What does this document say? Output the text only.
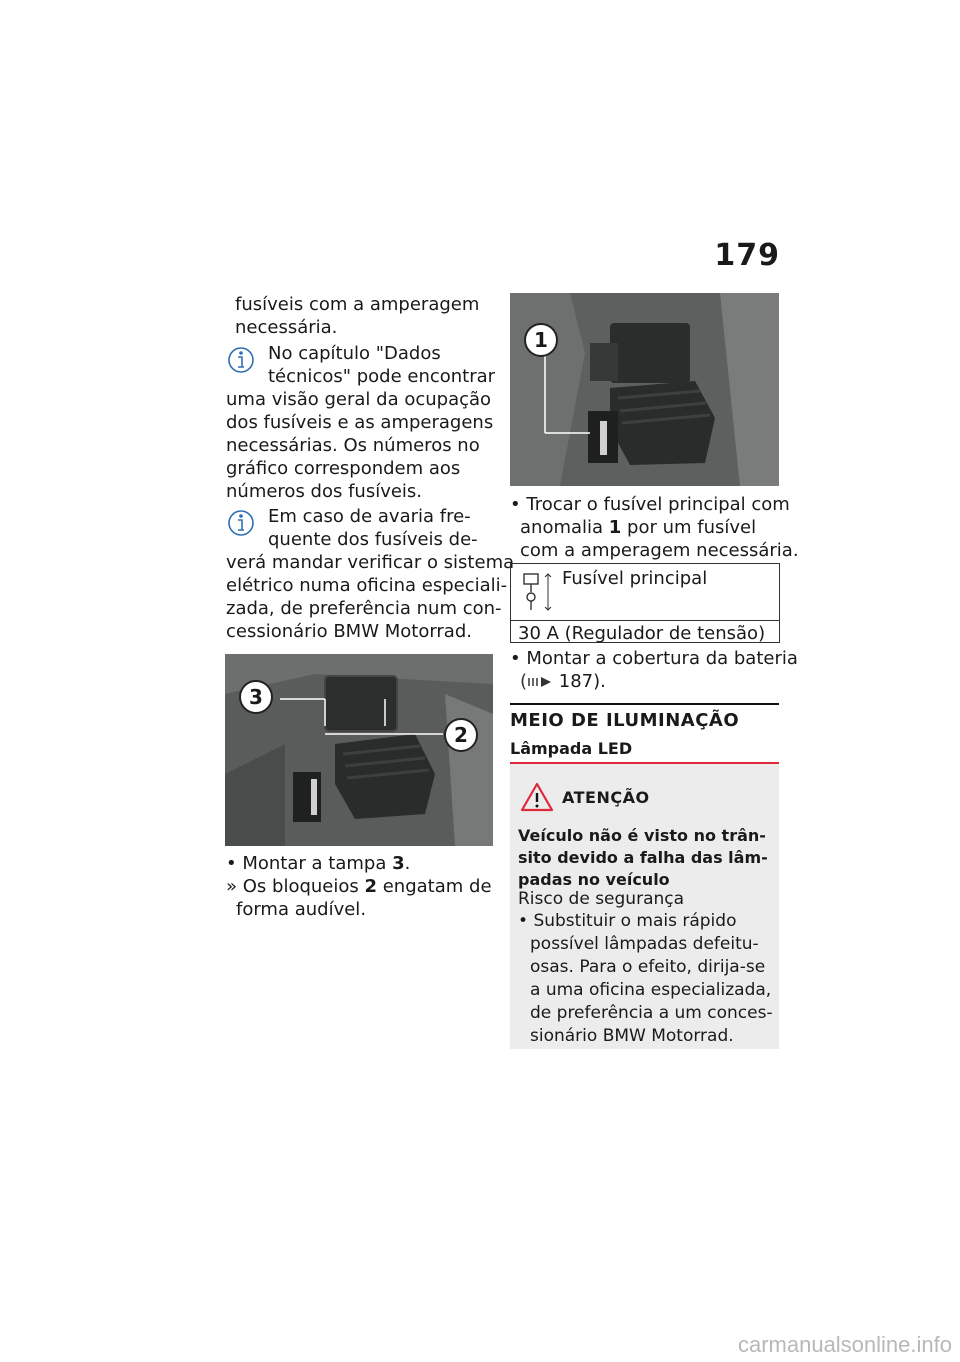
179
fusíveis com a amperagem
necessária.
No capítulo "Dados
técnicos" pode encontrar
uma visão geral da ocupação
dos fusíveis e as amperagens
necessárias. Os números no
gráfico correspondem aos
números dos fusíveis.
Em caso de avaria fre-
quente dos fusíveis de-
verá mandar verificar o sistema
elétrico numa oficina especiali-
zada, de preferência num con-
cessionário BMW Motorrad.
3
2
• Montar a tampa 3.
» Os bloqueios 2 engatam de
forma audível.
1
• Trocar o fusível principal com
anomalia 1 por um fusível
com a amperagem necessária.
Fusível principal
30 A (Regulador de tensão)
• Montar a cobertura da bateria
( 187).
MEIO DE ILUMINAÇÃO
Lâmpada LED
ATENÇÃO
Veículo não é visto no trân-
sito devido a falha das lâm-
padas no veículo
Risco de segurança
• Substituir o mais rápido
possível lâmpadas defeitu-
osas. Para o efeito, dirija-se
a uma oficina especializada,
de preferência a um conces-
sionário BMW Motorrad.
carmanualsonline.info
